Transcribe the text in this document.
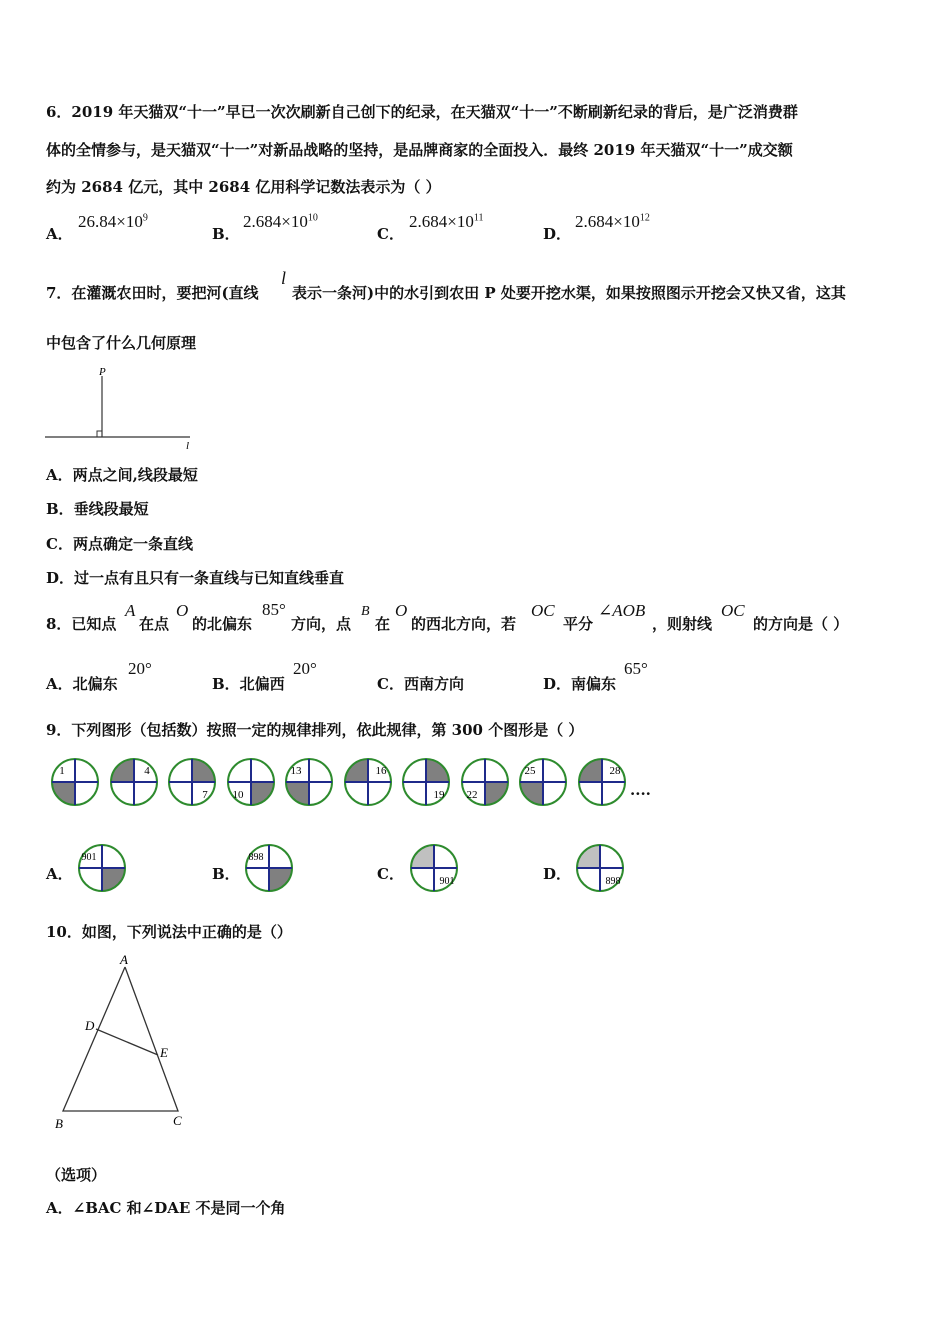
6．2019 年天猫双“十一”早已一次次刷新自己创下的纪录，在天猫双“十一”不断刷新纪录的背后，是广泛消费群
体的全情参与，是天猫双“十一”对新品战略的坚持，是品牌商家的全面投入．最终 2019 年天猫双“十一”成交额
约为 2684 亿元，其中 2684 亿用科学记数法表示为（ ）
A．
$26.84\times 10^9$
B．
$2.684\times 10^{10}$
C．
$2.684\times 10^{11}$
D．
$2.684\times 10^{12}$
7．在灌溉农田时，要把河(直线
l
表示一条河)中的水引到农田 P 处要开挖水渠，如果按照图示开挖会又快又省，这其
中包含了什么几何原理
P
l
A．两点之间,线段最短
B．垂线段最短
C．两点确定一条直线
D．过一点有且只有一条直线与已知直线垂直
8．已知点
A
在点
O
的北偏东
85°
方向，点
B
在
O
的西北方向，若
OC
平分
∠AOB
，则射线
OC
的方向是（ ）
A．北偏东
20°
B．北偏西
20°
C．西南方向	D．南偏东
65°
9．下列图形（包括数）按照一定的规律排列，依此规律，第 300 个图形是（ ）
1	4
7 10
13	16
19 22
25	28
....
A．
901
B．
898
C．	901	D．	898
10．如图，下列说法中正确的是（）
A
B	C
D
E
（选项）
A．∠BAC 和∠DAE 不是同一个角
